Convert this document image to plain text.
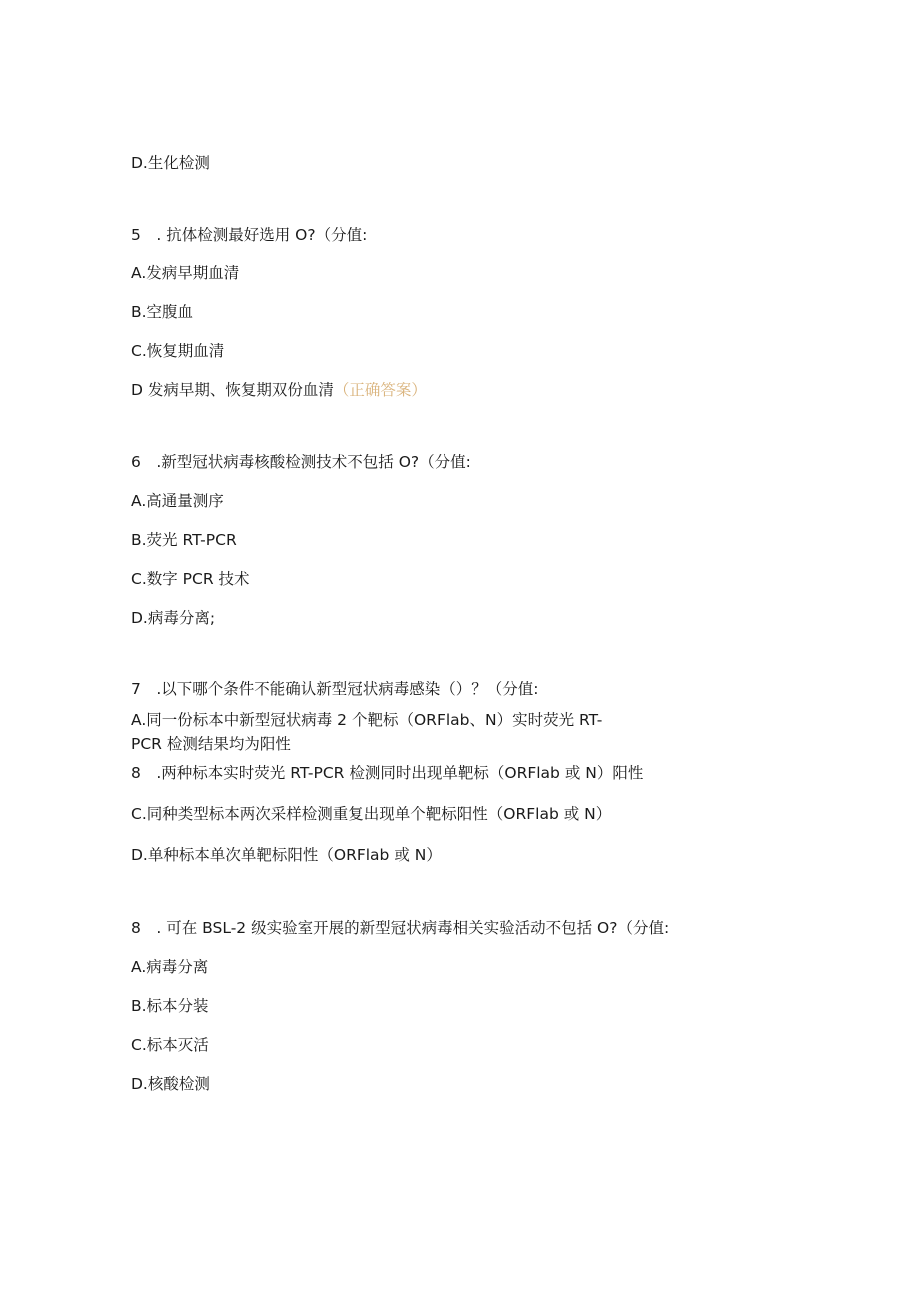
D.生化检测
5　. 抗体检测最好选用 O?（分值:
A.发病早期血清
B.空腹血
C.恢复期血清
D 发病早期、恢复期双份血清（正确答案）
6　.新型冠状病毒核酸检测技术不包括 O?（分值:
A.高通量测序
B.荧光 RT-PCR
C.数字 PCR 技术
D.病毒分离;
7　.以下哪个条件不能确认新型冠状病毒感染（）？（分值:
A.同一份标本中新型冠状病毒 2 个靶标（ORFlab、N）实时荧光 RT-
PCR 检测结果均为阳性
8　.两种标本实时荧光 RT-PCR 检测同时出现单靶标（ORFlab 或 N）阳性
C.同种类型标本两次采样检测重复出现单个靶标阳性（ORFlab 或 N）
D.单种标本单次单靶标阳性（ORFlab 或 N）
8　. 可在 BSL-2 级实验室开展的新型冠状病毒相关实验活动不包括 O?（分值:
A.病毒分离
B.标本分装
C.标本灭活
D.核酸检测
